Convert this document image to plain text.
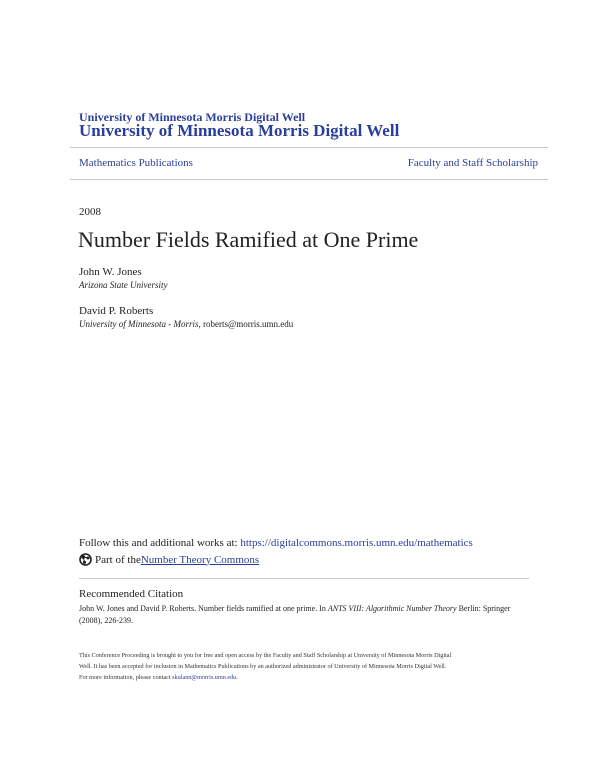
University of Minnesota Morris Digital Well
University of Minnesota Morris Digital Well
Mathematics Publications	Faculty and Staff Scholarship
2008
Number Fields Ramified at One Prime
John W. Jones
Arizona State University
David P. Roberts
University of Minnesota - Morris, roberts@morris.umn.edu
Follow this and additional works at: https://digitalcommons.morris.umn.edu/mathematics
Part of the Number Theory Commons
Recommended Citation
John W. Jones and David P. Roberts. Number fields ramified at one prime. In ANTS VIII: Algorithmic Number Theory Berlin: Springer (2008), 226-239.
This Conference Proceeding is brought to you for free and open access by the Faculty and Staff Scholarship at University of Minnesota Morris Digital
Well. It has been accepted for inclusion in Mathematics Publications by an authorized administrator of University of Minnesota Morris Digital Well.
For more information, please contact skulann@morris.umn.edu.
